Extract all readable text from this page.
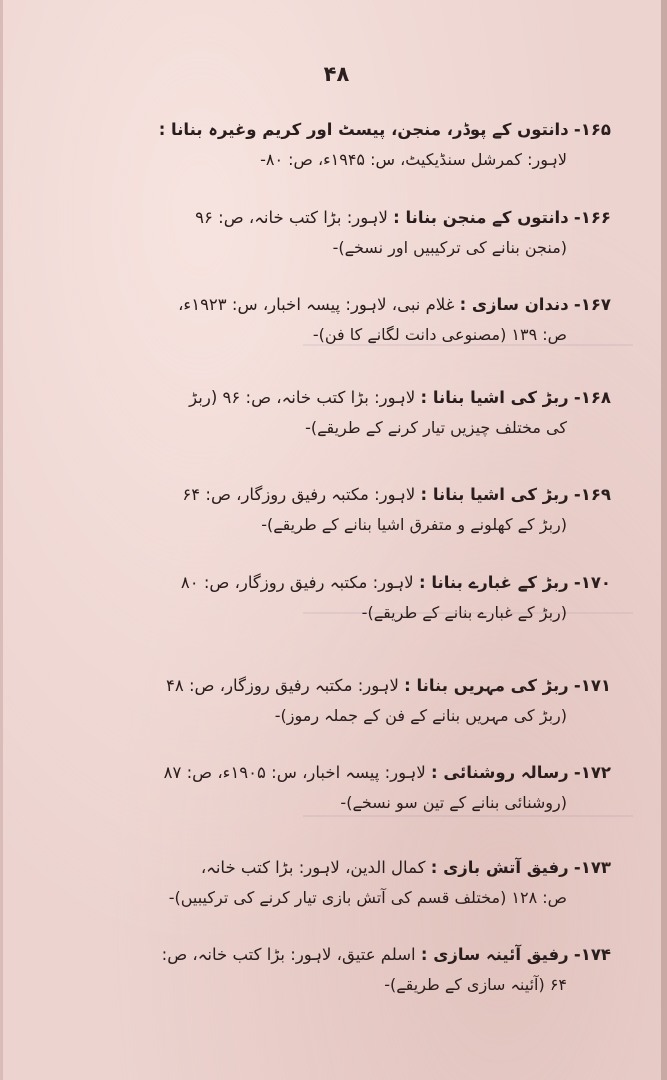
۴۸
۱۶۵- دانتوں کے پوڈر، منجن، پیسٹ اور کریم وغیرہ بنانا :
لاہور: کمرشل سنڈیکیٹ، س: ۱۹۴۵ء، ص: ۸۰-
۱۶۶- دانتوں کے منجن بنانا : لاہور: بڑا کتب خانہ، ص: ۹۶
(منجن بنانے کی ترکیبیں اور نسخے)-
۱۶۷- دندان سازی : غلام نبی، لاہور: پیسہ اخبار، س: ۱۹۲۳ء،
ص: ۱۳۹ (مصنوعی دانت لگانے کا فن)-
۱۶۸- ربڑ کی اشیا بنانا : لاہور: بڑا کتب خانہ، ص: ۹۶ (ربڑ
کی مختلف چیزیں تیار کرنے کے طریقے)-
۱۶۹- ربڑ کی اشیا بنانا : لاہور: مکتبہ رفیق روزگار، ص: ۶۴
(ربڑ کے کھلونے و متفرق اشیا بنانے کے طریقے)-
۱۷۰- ربڑ کے غبارے بنانا : لاہور: مکتبہ رفیق روزگار، ص: ۸۰
(ربڑ کے غبارے بنانے کے طریقے)-
۱۷۱- ربڑ کی مہریں بنانا : لاہور: مکتبہ رفیق روزگار، ص: ۴۸
(ربڑ کی مہریں بنانے کے فن کے جملہ رموز)-
۱۷۲- رسالہ روشنائی : لاہور: پیسہ اخبار، س: ۱۹۰۵ء، ص: ۸۷
(روشنائی بنانے کے تین سو نسخے)-
۱۷۳- رفیق آتش بازی : کمال الدین، لاہور: بڑا کتب خانہ،
ص: ۱۲۸ (مختلف قسم کی آتش بازی تیار کرنے کی ترکیبیں)-
۱۷۴- رفیق آئینہ سازی : اسلم عتیق، لاہور: بڑا کتب خانہ، ص:
۶۴ (آئینہ سازی کے طریقے)-
